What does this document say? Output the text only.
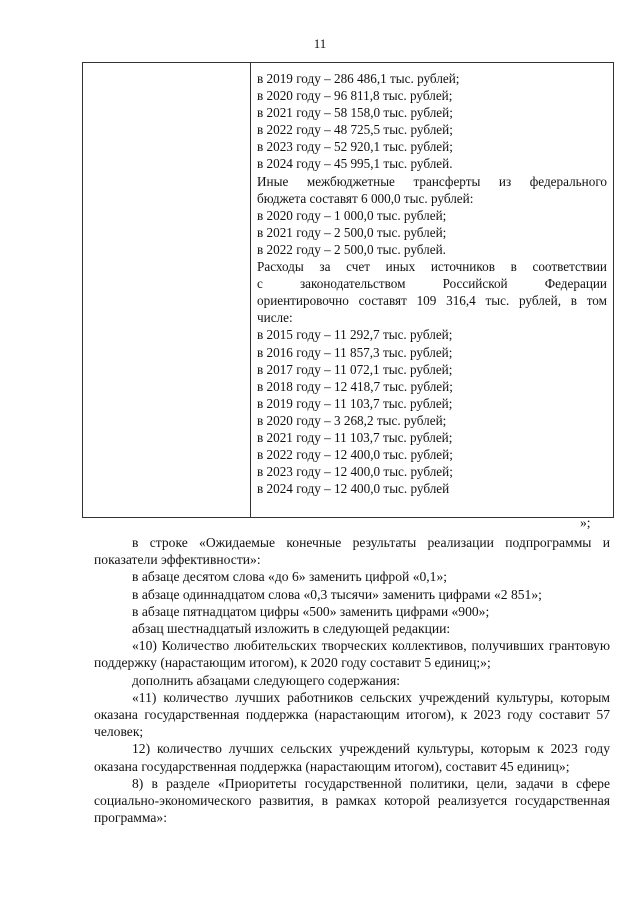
11
в 2019 году – 286 486,1 тыс. рублей;
в 2020 году – 96 811,8 тыс. рублей;
в 2021 году – 58 158,0 тыс. рублей;
в 2022 году – 48 725,5 тыс. рублей;
в 2023 году – 52 920,1 тыс. рублей;
в 2024 году – 45 995,1 тыс. рублей.
Иные межбюджетные трансферты из федерального
бюджета составят 6 000,0 тыс. рублей:
в 2020 году – 1 000,0 тыс. рублей;
в 2021 году – 2 500,0 тыс. рублей;
в 2022 году – 2 500,0 тыс. рублей.
Расходы за счет иных источников в соответствии
с законодательством Российской Федерации
ориентировочно составят 109 316,4 тыс. рублей, в том
числе:
в 2015 году – 11 292,7 тыс. рублей;
в 2016 году – 11 857,3 тыс. рублей;
в 2017 году – 11 072,1 тыс. рублей;
в 2018 году – 12 418,7 тыс. рублей;
в 2019 году – 11 103,7 тыс. рублей;
в 2020 году – 3 268,2 тыс. рублей;
в 2021 году – 11 103,7 тыс. рублей;
в 2022 году – 12 400,0 тыс. рублей;
в 2023 году – 12 400,0 тыс. рублей;
в 2024 году – 12 400,0 тыс. рублей
»;

в строке «Ожидаемые конечные результаты реализации подпрограммы и показатели эффективности»:

в абзаце десятом слова «до 6» заменить цифрой «0,1»;

в абзаце одиннадцатом слова «0,3 тысячи» заменить цифрами «2 851»;

в абзаце пятнадцатом цифры «500» заменить цифрами «900»;

абзац шестнадцатый изложить в следующей редакции:

«10) Количество любительских творческих коллективов, получивших грантовую поддержку (нарастающим итогом), к 2020 году составит 5 единиц;»;

дополнить абзацами следующего содержания:

«11) количество лучших работников сельских учреждений культуры, которым оказана государственная поддержка (нарастающим итогом), к 2023 году составит 57 человек;

12) количество лучших сельских учреждений культуры, которым к 2023 году оказана государственная поддержка (нарастающим итогом), составит 45 единиц»;

8) в разделе «Приоритеты государственной политики, цели, задачи в сфере социально-экономического развития, в рамках которой реализуется государственная программа»:
